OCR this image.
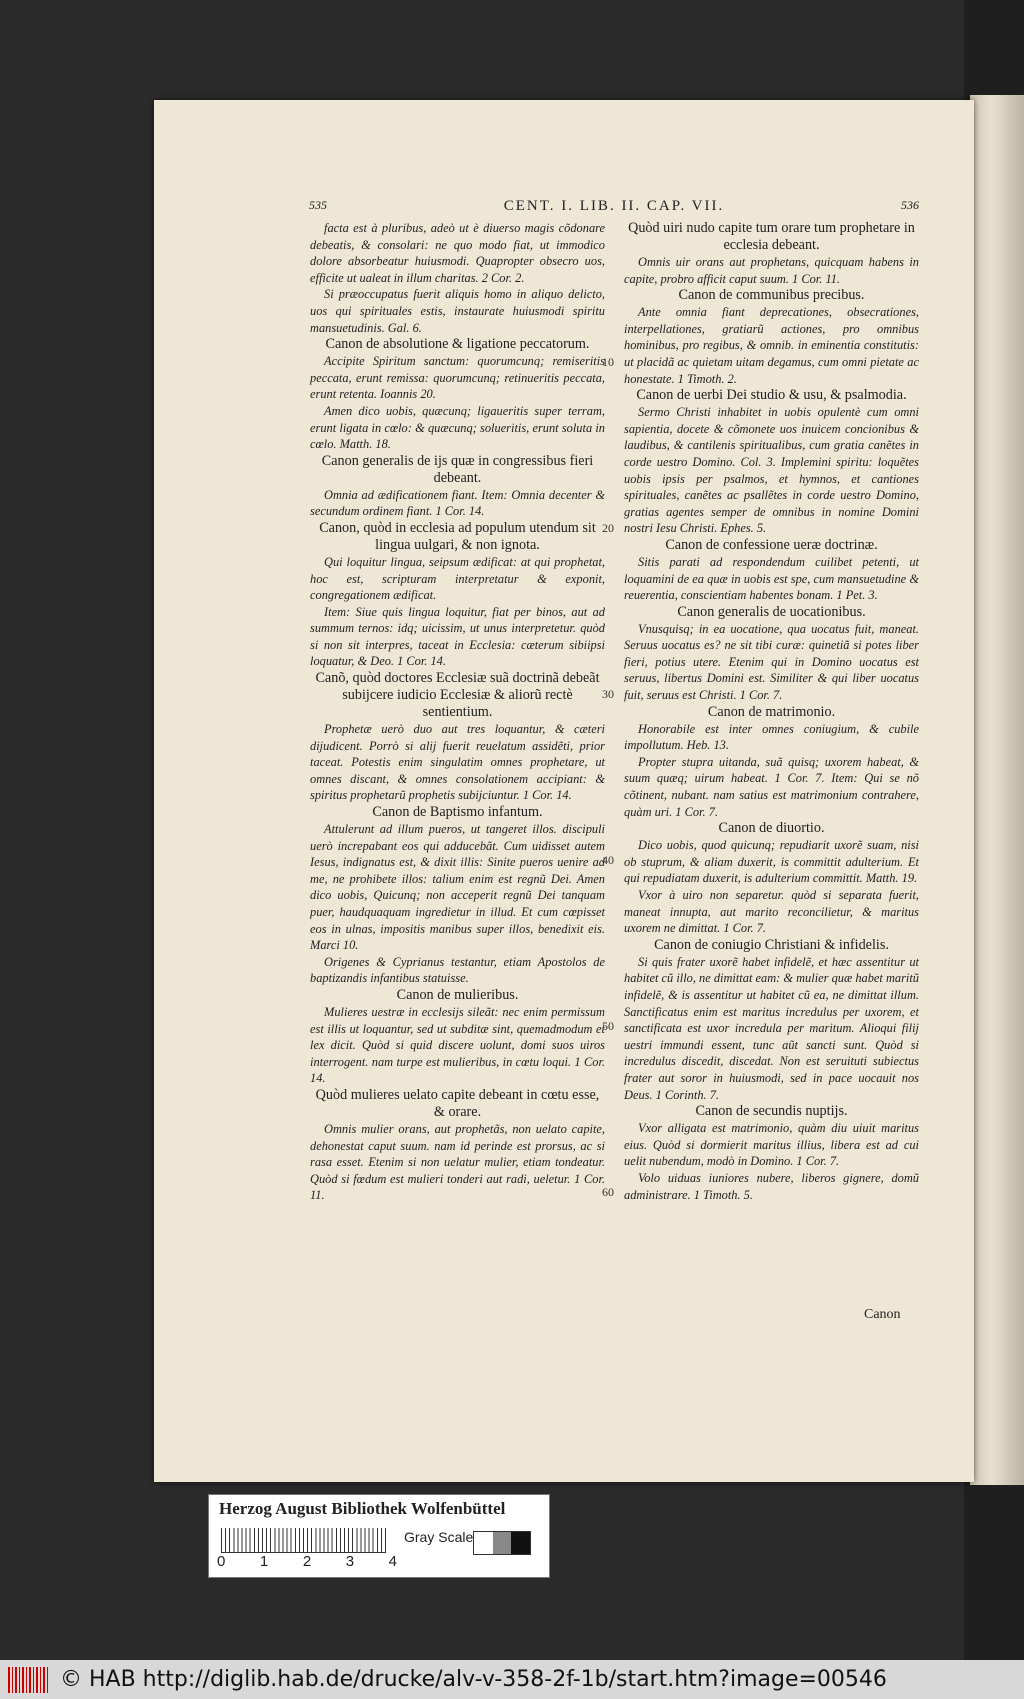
535	CENT. I. LIB. II. CAP. VII.	536
facta est à pluribus, adeò ut è diuerso magis cõdonare debeatis, & consolari: ne quo modo fiat, ut immodico dolore absorbeatur huiusmodi. Quapropter obsecro uos, efficite ut ualeat in illum charitas. 2 Cor. 2.
Si præoccupatus fuerit aliquis homo in aliquo delicto, uos qui spirituales estis, instaurate huiusmodi spiritu mansuetudinis. Gal. 6.
Canon de absolutione & ligatione peccatorum.
Accipite Spiritum sanctum: quorumcunq; remiseritis peccata, erunt remissa: quorumcunq; retinueritis peccata, erunt retenta. Ioannis 20.
Amen dico uobis, quæcunq; ligaueritis super terram, erunt ligata in cœlo: & quæcunq; solueritis, erunt soluta in cœlo. Matth. 18.
Canon generalis de ijs quæ in congressibus fieri debeant.
Omnia ad ædificationem fiant. Item: Omnia decenter & secundum ordinem fiant. 1 Cor. 14.
Canon, quòd in ecclesia ad populum utendum sit lingua uulgari, & non ignota.
Qui loquitur lingua, seipsum ædificat: at qui prophetat, hoc est, scripturam interpretatur & exponit, congregationem ædificat.
Item: Siue quis lingua loquitur, fiat per binos, aut ad summum ternos: idq; uicissim, ut unus interpretetur. quòd si non sit interpres, taceat in Ecclesia: cæterum sibiipsi loquatur, & Deo. 1 Cor. 14.
Canõ, quòd doctores Ecclesiæ suã doctrinã debeãt subijcere iudicio Ecclesiæ & aliorũ rectè sentientium.
Prophetæ uerò duo aut tres loquantur, & cæteri dijudicent. Porrò si alij fuerit reuelatum assidẽti, prior taceat. Potestis enim singulatim omnes prophetare, ut omnes discant, & omnes consolationem accipiant: & spiritus prophetarũ prophetis subijciuntur. 1 Cor. 14.
Canon de Baptismo infantum.
Attulerunt ad illum pueros, ut tangeret illos. discipuli uerò increpabant eos qui adducebãt. Cum uidisset autem Iesus, indignatus est, & dixit illis: Sinite pueros uenire ad me, ne prohibete illos: talium enim est regnũ Dei. Amen dico uobis, Quicunq; non acceperit regnũ Dei tanquam puer, haudquaquam ingredietur in illud. Et cum cœpisset eos in ulnas, impositis manibus super illos, benedixit eis. Marci 10.
Origenes & Cyprianus testantur, etiam Apostolos de baptizandis infantibus statuisse.
Canon de mulieribus.
Mulieres uestræ in ecclesijs sileãt: nec enim permissum est illis ut loquantur, sed ut subditæ sint, quemadmodum et lex dicit. Quòd si quid discere uolunt, domi suos uiros interrogent. nam turpe est mulieribus, in cœtu loqui. 1 Cor. 14.
Quòd mulieres uelato capite debeant in cœtu esse, & orare.
Omnis mulier orans, aut prophetãs, non uelato capite, dehonestat caput suum. nam id perinde est prorsus, ac si rasa esset. Etenim si non uelatur mulier, etiam tondeatur. Quòd si fœdum est mulieri tonderi aut radi, ueletur. 1 Cor. 11.
Quòd uiri nudo capite tum orare tum prophetare in ecclesia debeant.
Omnis uir orans aut prophetans, quicquam habens in capite, probro afficit caput suum. 1 Cor. 11.
Canon de communibus precibus.
Ante omnia fiant deprecationes, obsecrationes, interpellationes, gratiarũ actiones, pro omnibus hominibus, pro regibus, & omnib. in eminentia constitutis: ut placidã ac quietam uitam degamus, cum omni pietate ac honestate. 1 Timoth. 2.
Canon de uerbi Dei studio & usu, & psalmodia.
Sermo Christi inhabitet in uobis opulentè cum omni sapientia, docete & cõmonete uos inuicem concionibus & laudibus, & cantilenis spiritualibus, cum gratia canẽtes in corde uestro Domino. Col. 3. Implemini spiritu: loquẽtes uobis ipsis per psalmos, et hymnos, et cantiones spirituales, canẽtes ac psallẽtes in corde uestro Domino, gratias agentes semper de omnibus in nomine Domini nostri Iesu Christi. Ephes. 5.
Canon de confessione ueræ doctrinæ.
Sitis parati ad respondendum cuilibet petenti, ut loquamini de ea quæ in uobis est spe, cum mansuetudine & reuerentia, conscientiam habentes bonam. 1 Pet. 3.
Canon generalis de uocationibus.
Vnusquisq; in ea uocatione, qua uocatus fuit, maneat. Seruus uocatus es? ne sit tibi curæ: quinetiã si potes liber fieri, potius utere. Etenim qui in Domino uocatus est seruus, libertus Domini est. Similiter & qui liber uocatus fuit, seruus est Christi. 1 Cor. 7.
Canon de matrimonio.
Honorabile est inter omnes coniugium, & cubile impollutum. Heb. 13.
Propter stupra uitanda, suã quisq; uxorem habeat, & suum quæq; uirum habeat. 1 Cor. 7. Item: Qui se nõ cõtinent, nubant. nam satius est matrimonium contrahere, quàm uri. 1 Cor. 7.
Canon de diuortio.
Dico uobis, quod quicunq; repudiarit uxorẽ suam, nisi ob stuprum, & aliam duxerit, is committit adulterium. Et qui repudiatam duxerit, is adulterium committit. Matth. 19.
Vxor à uiro non separetur. quòd si separata fuerit, maneat innupta, aut marito reconcilietur, & maritus uxorem ne dimittat. 1 Cor. 7.
Canon de coniugio Christiani & infidelis.
Si quis frater uxorẽ habet infidelẽ, et hæc assentitur ut habitet cũ illo, ne dimittat eam: & mulier quæ habet maritũ infidelẽ, & is assentitur ut habitet cũ ea, ne dimittat illum. Sanctificatus enim est maritus incredulus per uxorem, et sanctificata est uxor incredula per maritum. Alioqui filij uestri immundi essent, tunc aũt sancti sunt. Quòd si incredulus discedit, discedat. Non est seruituti subiectus frater aut soror in huiusmodi, sed in pace uocauit nos Deus. 1 Corinth. 7.
Canon de secundis nuptijs.
Vxor alligata est matrimonio, quàm diu uiuit maritus eius. Quòd si dormierit maritus illius, libera est ad cui uelit nubendum, modò in Domino. 1 Cor. 7.
Volo uiduas iuniores nubere, liberos gignere, domũ administrare. 1 Timoth. 5.
10
20
30
40
50
60
Canon
Herzog August Bibliothek Wolfenbüttel
0 1 2 3 4
Gray Scale
© HAB http://diglib.hab.de/drucke/alv-v-358-2f-1b/start.htm?image=00546
